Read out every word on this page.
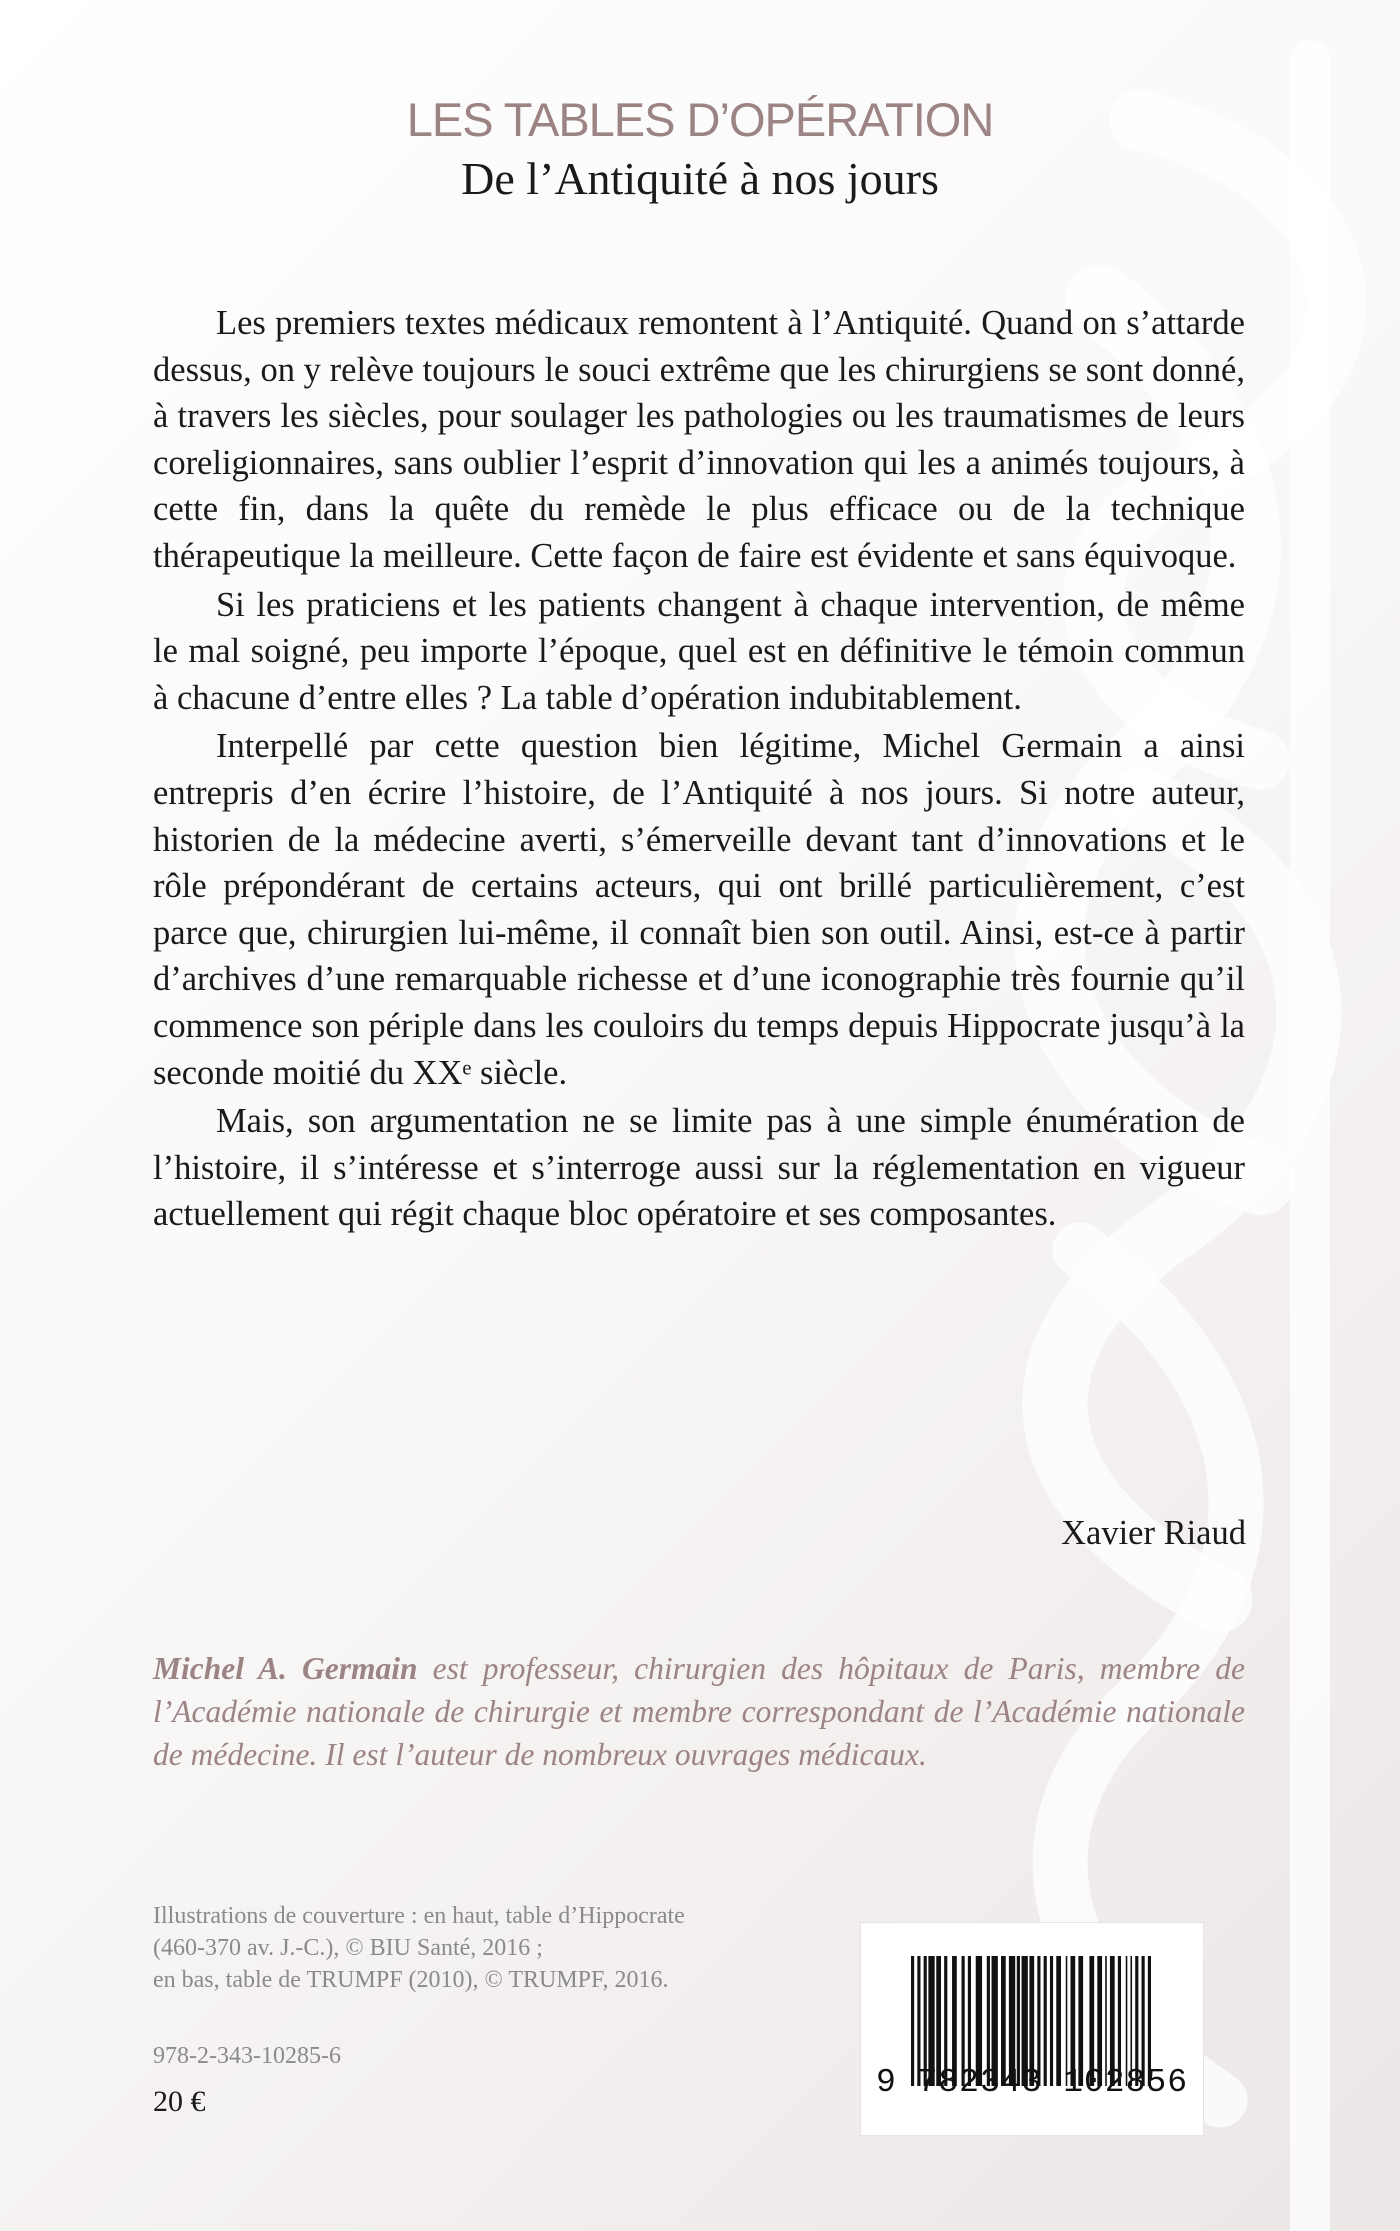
LES TABLES D’OPÉRATION
De l’Antiquité à nos jours

Les premiers textes médicaux remontent à l’Antiquité. Quand on s’attarde dessus, on y relève toujours le souci extrême que les chirurgiens se sont donné, à travers les siècles, pour soulager les pathologies ou les traumatismes de leurs coreligionnaires, sans oublier l’esprit d’innovation qui les a animés toujours, à cette fin, dans la quête du remède le plus efficace ou de la technique thérapeutique la meilleure. Cette façon de faire est évidente et sans équivoque.

Si les praticiens et les patients changent à chaque intervention, de même le mal soigné, peu importe l’époque, quel est en définitive le témoin commun à chacune d’entre elles ? La table d’opération indubitablement.

Interpellé par cette question bien légitime, Michel Germain a ainsi entrepris d’en écrire l’histoire, de l’Antiquité à nos jours. Si notre auteur, historien de la médecine averti, s’émerveille devant tant d’innovations et le rôle prépondérant de certains acteurs, qui ont brillé particulièrement, c’est parce que, chirurgien lui-même, il connaît bien son outil. Ainsi, est-ce à partir d’archives d’une remarquable richesse et d’une iconographie très fournie qu’il commence son périple dans les couloirs du temps depuis Hippocrate jusqu’à la seconde moitié du XXᵉ siècle.

Mais, son argumentation ne se limite pas à une simple énumération de l’histoire, il s’intéresse et s’interroge aussi sur la réglementation en vigueur actuellement qui régit chaque bloc opératoire et ses composantes.

Xavier Riaud
Michel A. Germain est professeur, chirurgien des hôpitaux de Paris, membre de l’Académie nationale de chirurgie et membre correspondant de l’Académie nationale de médecine. Il est l’auteur de nombreux ouvrages médicaux.
Illustrations de couverture : en haut, table d’Hippocrate
(460-370 av. J.-C.), © BIU Santé, 2016 ;
en bas, table de TRUMPF (2010), © TRUMPF, 2016.
978-2-343-10285-6
20 €
9 782343 102856
